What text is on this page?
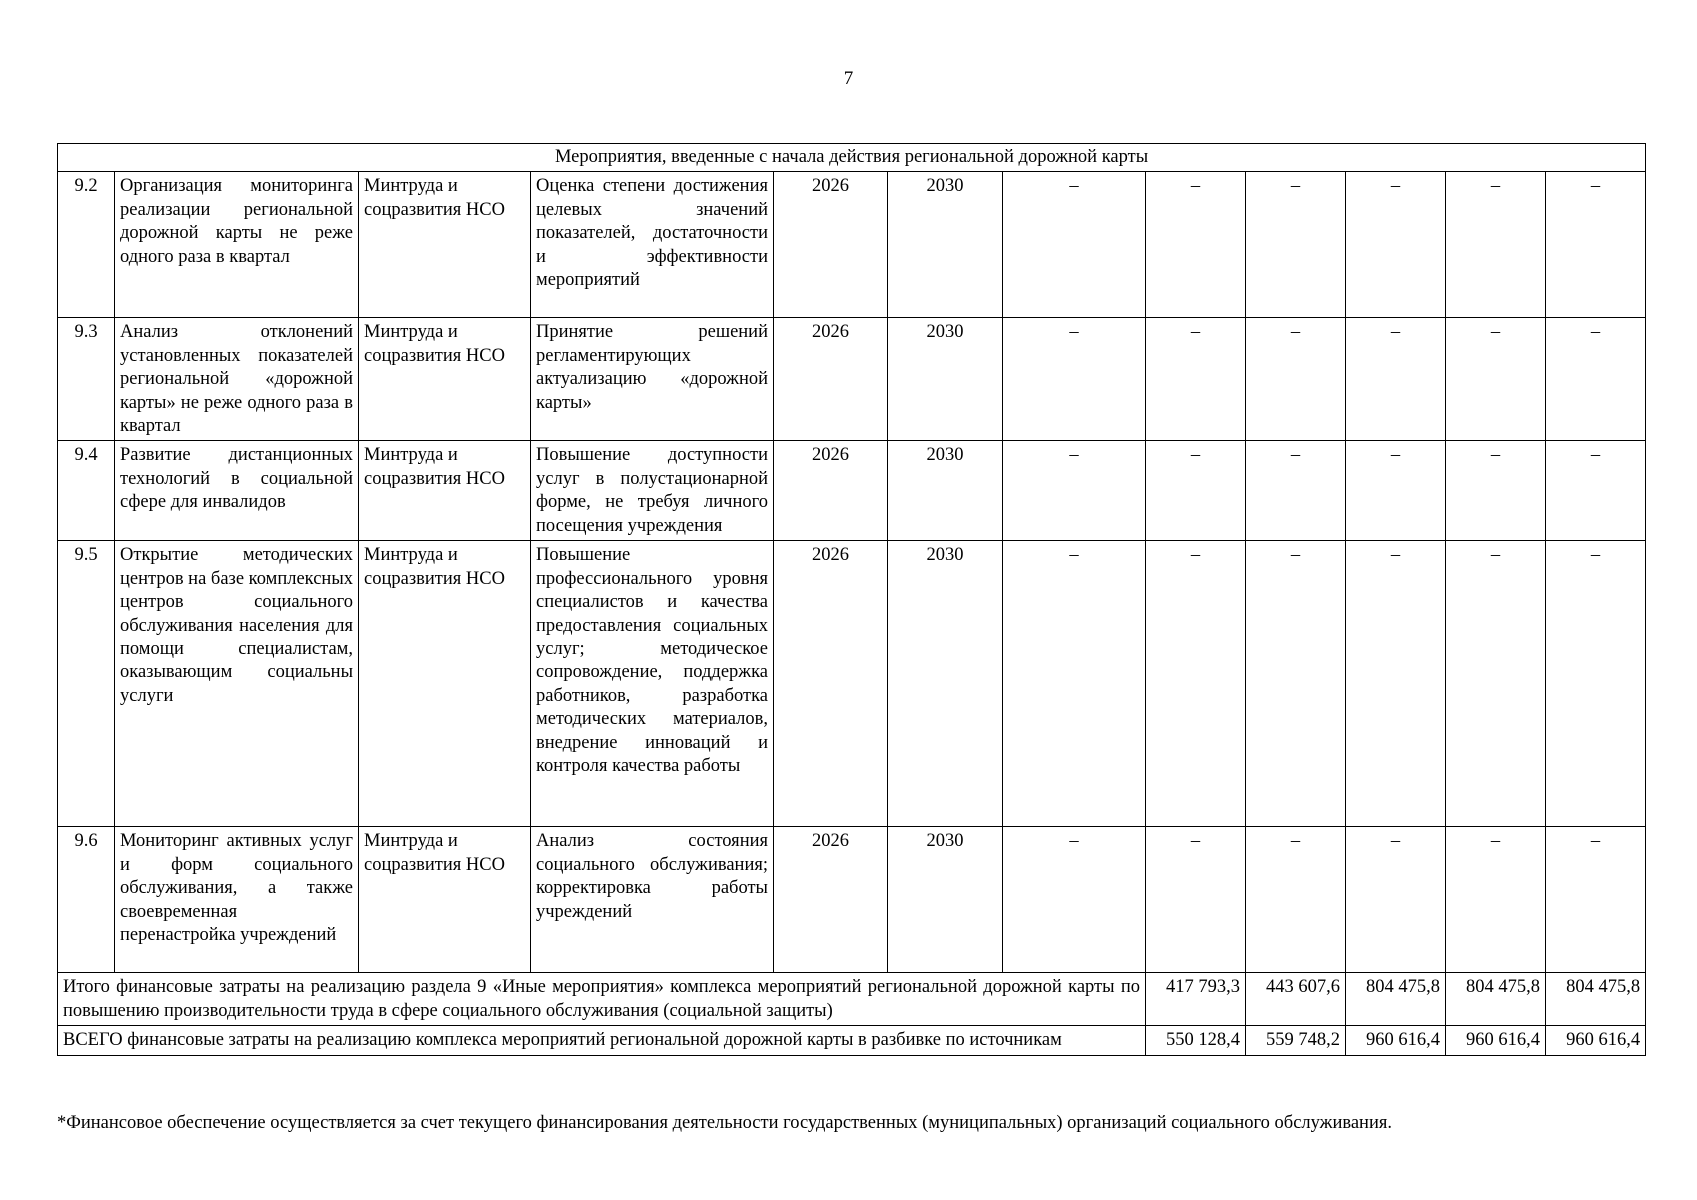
7
Мероприятия, введенные с начала действия региональной дорожной карты											
9.2	Организация мониторинга реализации региональной дорожной карты не реже одного раза в квартал	Минтруда и соцразвития НСО	Оценка степени достижения целевых значений показателей, достаточности и эффективности мероприятий	2026	2030	–	–	–	–	–	–
9.3	Анализ отклонений установленных показателей региональной «дорожной карты» не реже одного раза в квартал	Минтруда и соцразвития НСО	Принятие решений регламентирующих актуализацию «дорожной карты»	2026	2030	–	–	–	–	–	–
9.4	Развитие дистанционных технологий в социальной сфере для инвалидов	Минтруда и соцразвития НСО	Повышение доступности услуг в полустационарной форме, не требуя личного посещения учреждения	2026	2030	–	–	–	–	–	–
9.5	Открытие методических центров на базе комплексных центров социального обслуживания населения для помощи специалистам, оказывающим социальны услуги	Минтруда и соцразвития НСО	Повышение профессионального уровня специалистов и качества предоставления социальных услуг; методическое сопровождение, поддержка работников, разработка методических материалов, внедрение инноваций и контроля качества работы	2026	2030	–	–	–	–	–	–
9.6	Мониторинг активных услуг и форм социального обслуживания, а также своевременная перенастройка учреждений	Минтруда и соцразвития НСО	Анализ состояния социального обслуживания; корректировка работы учреждений	2026	2030	–	–	–	–	–	–
Итого финансовые затраты на реализацию раздела 9 «Иные мероприятия» комплекса мероприятий региональной дорожной карты по повышению производительности труда в сфере социального обслуживания (социальной защиты)							417 793,3	443 607,6	804 475,8	804 475,8	804 475,8
ВСЕГО финансовые затраты на реализацию комплекса мероприятий региональной дорожной карты в разбивке по источникам							550 128,4	559 748,2	960 616,4	960 616,4	960 616,4
*Финансовое обеспечение осуществляется за счет текущего финансирования деятельности государственных (муниципальных) организаций социального обслуживания.
